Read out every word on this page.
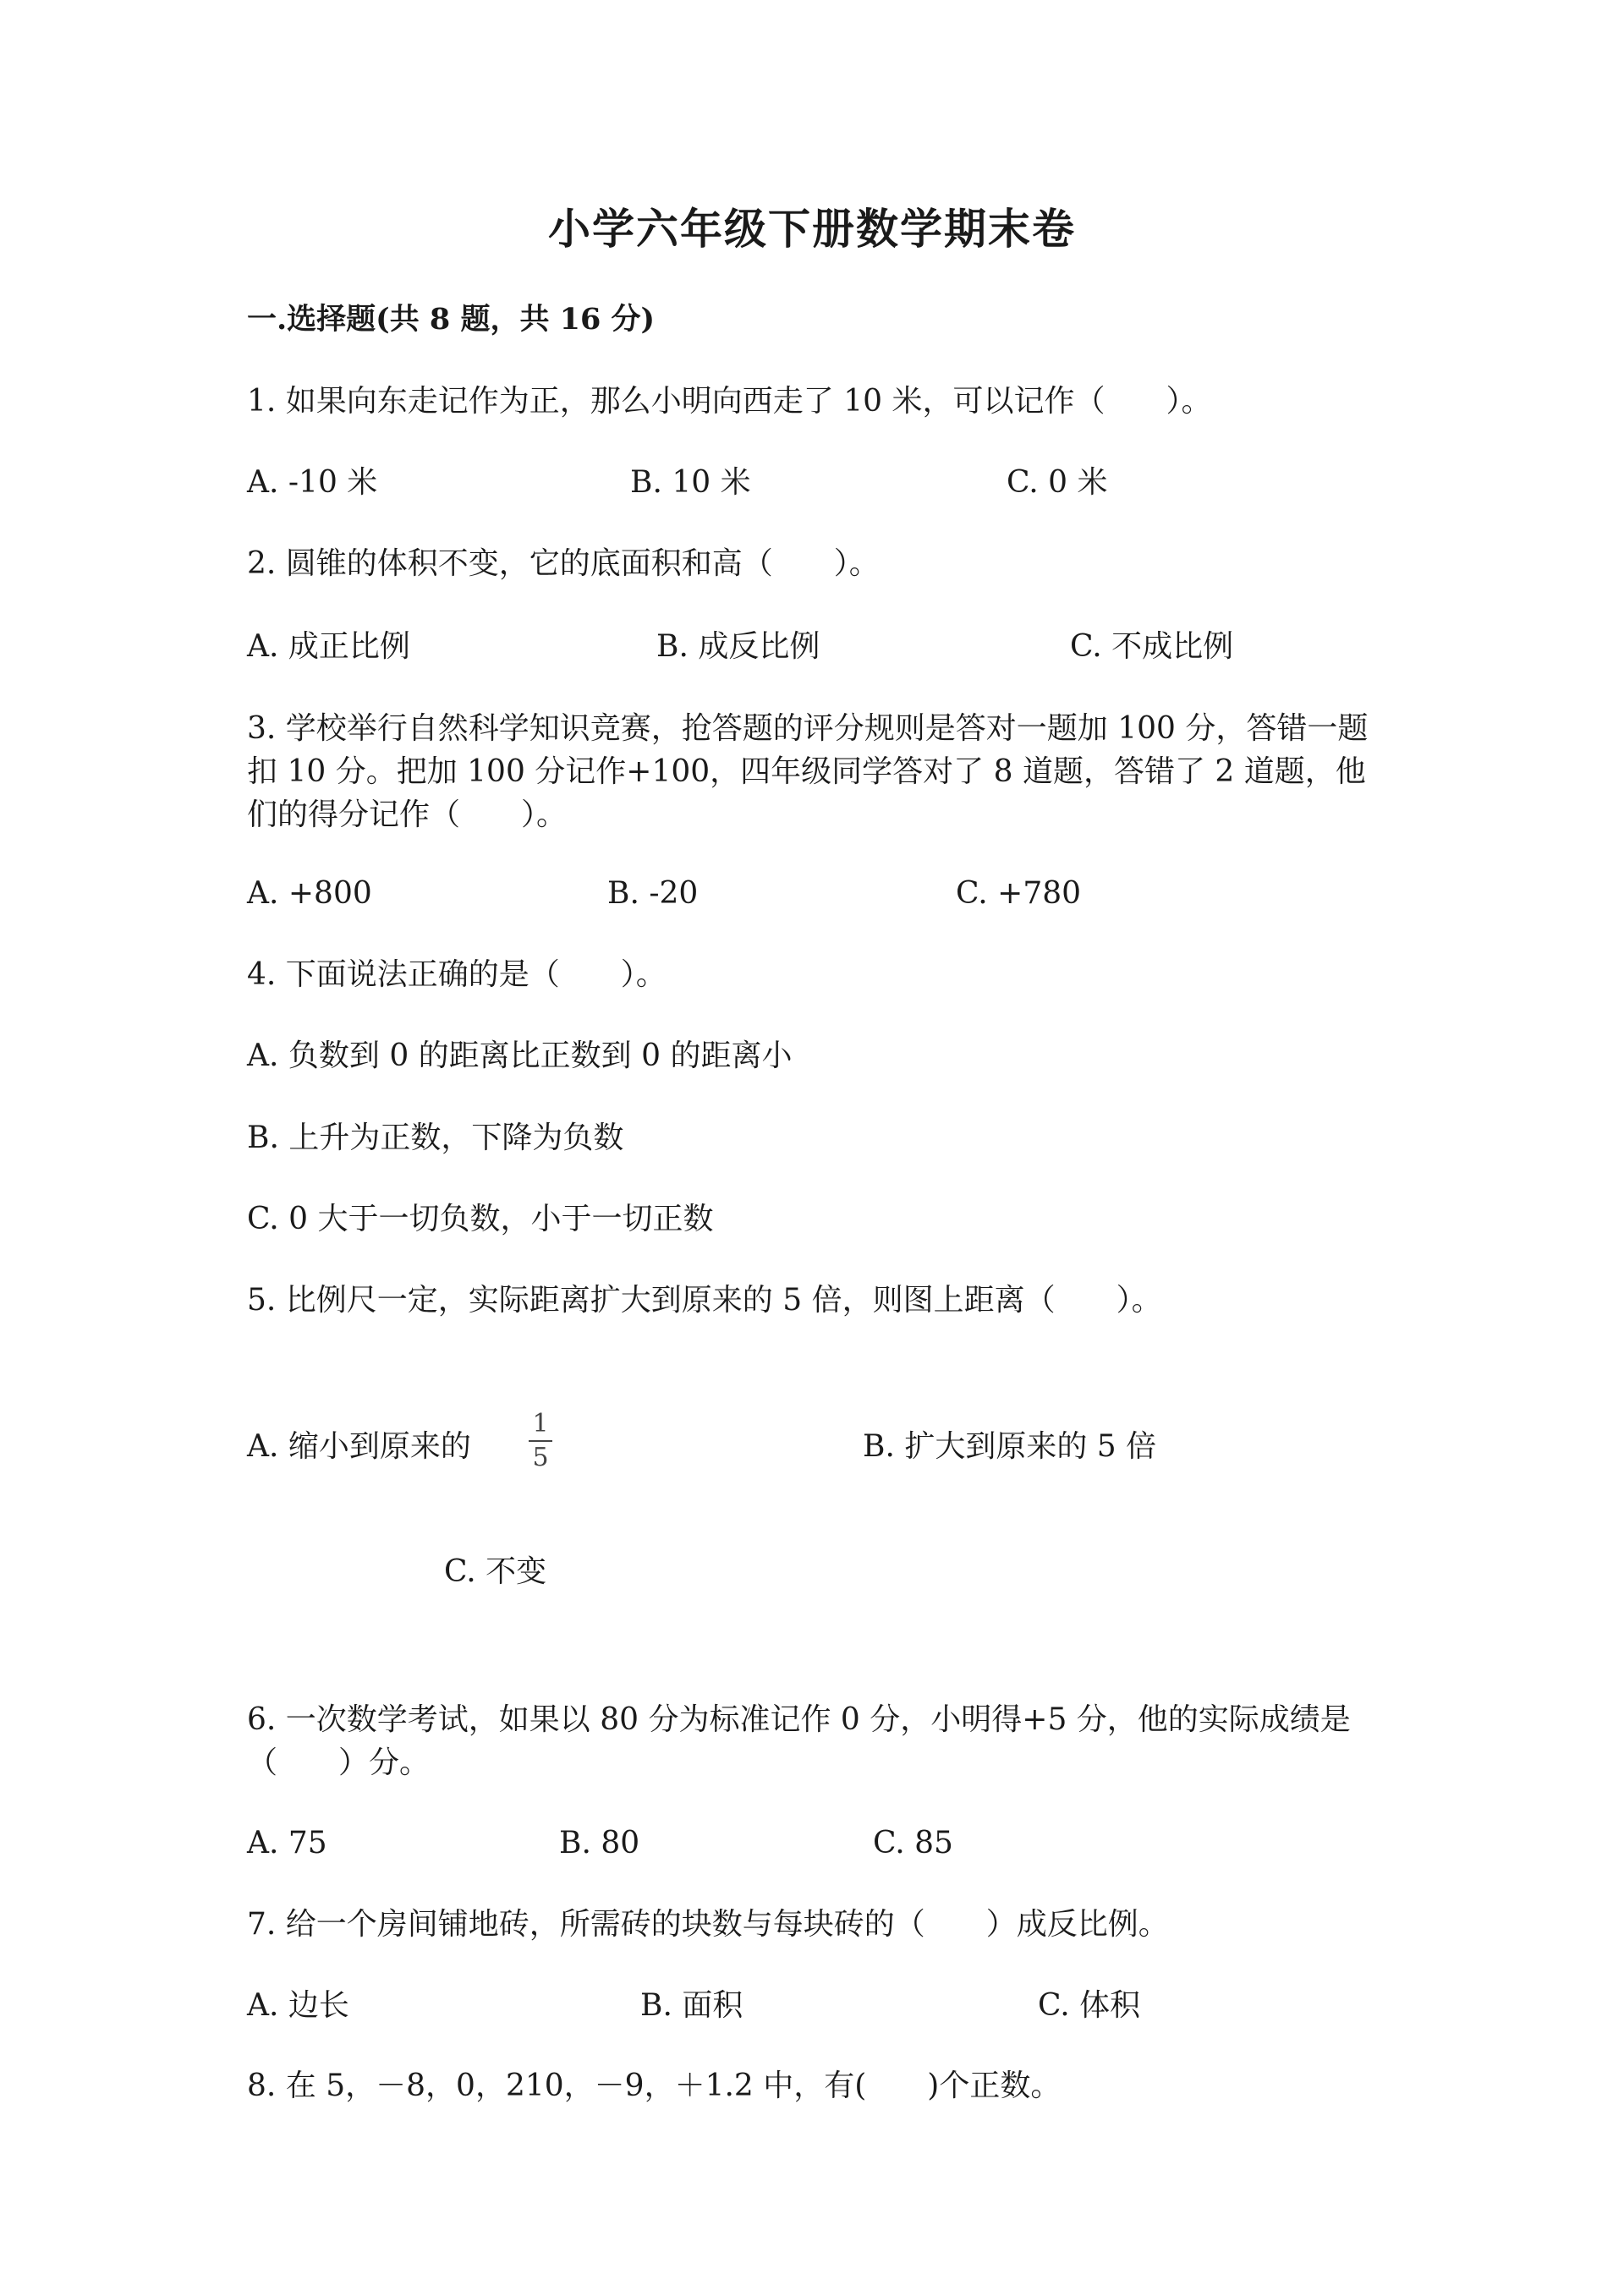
小学六年级下册数学期末卷
一.选择题(共 8 题，共 16 分)
1. 如果向东走记作为正，那么小明向西走了 10 米，可以记作（　　）。
A. -10 米	B. 10 米	C. 0 米
2. 圆锥的体积不变，它的底面积和高（　　）。
A. 成正比例	B. 成反比例	C. 不成比例
3. 学校举行自然科学知识竞赛，抢答题的评分规则是答对一题加 100 分，答错一题扣 10 分。把加 100 分记作+100，四年级同学答对了 8 道题，答错了 2 道题，他们的得分记作（　　）。
A. +800	B. -20	C. +780
4. 下面说法正确的是（　　）。
A. 负数到 0 的距离比正数到 0 的距离小
B. 上升为正数，下降为负数
C. 0 大于一切负数，小于一切正数
5. 比例尺一定，实际距离扩大到原来的 5 倍，则图上距离（　　）。
A. 缩小到原来的
1
5	B. 扩大到原来的 5 倍
C. 不变
6. 一次数学考试，如果以 80 分为标准记作 0 分，小明得+5 分，他的实际成绩是（　　）分。
A. 75	B. 80	C. 85
7. 给一个房间铺地砖，所需砖的块数与每块砖的（　　）成反比例。
A. 边长	B. 面积	C. 体积
8. 在 5，－8，0，210，－9，＋1.2 中，有(　　)个正数。
